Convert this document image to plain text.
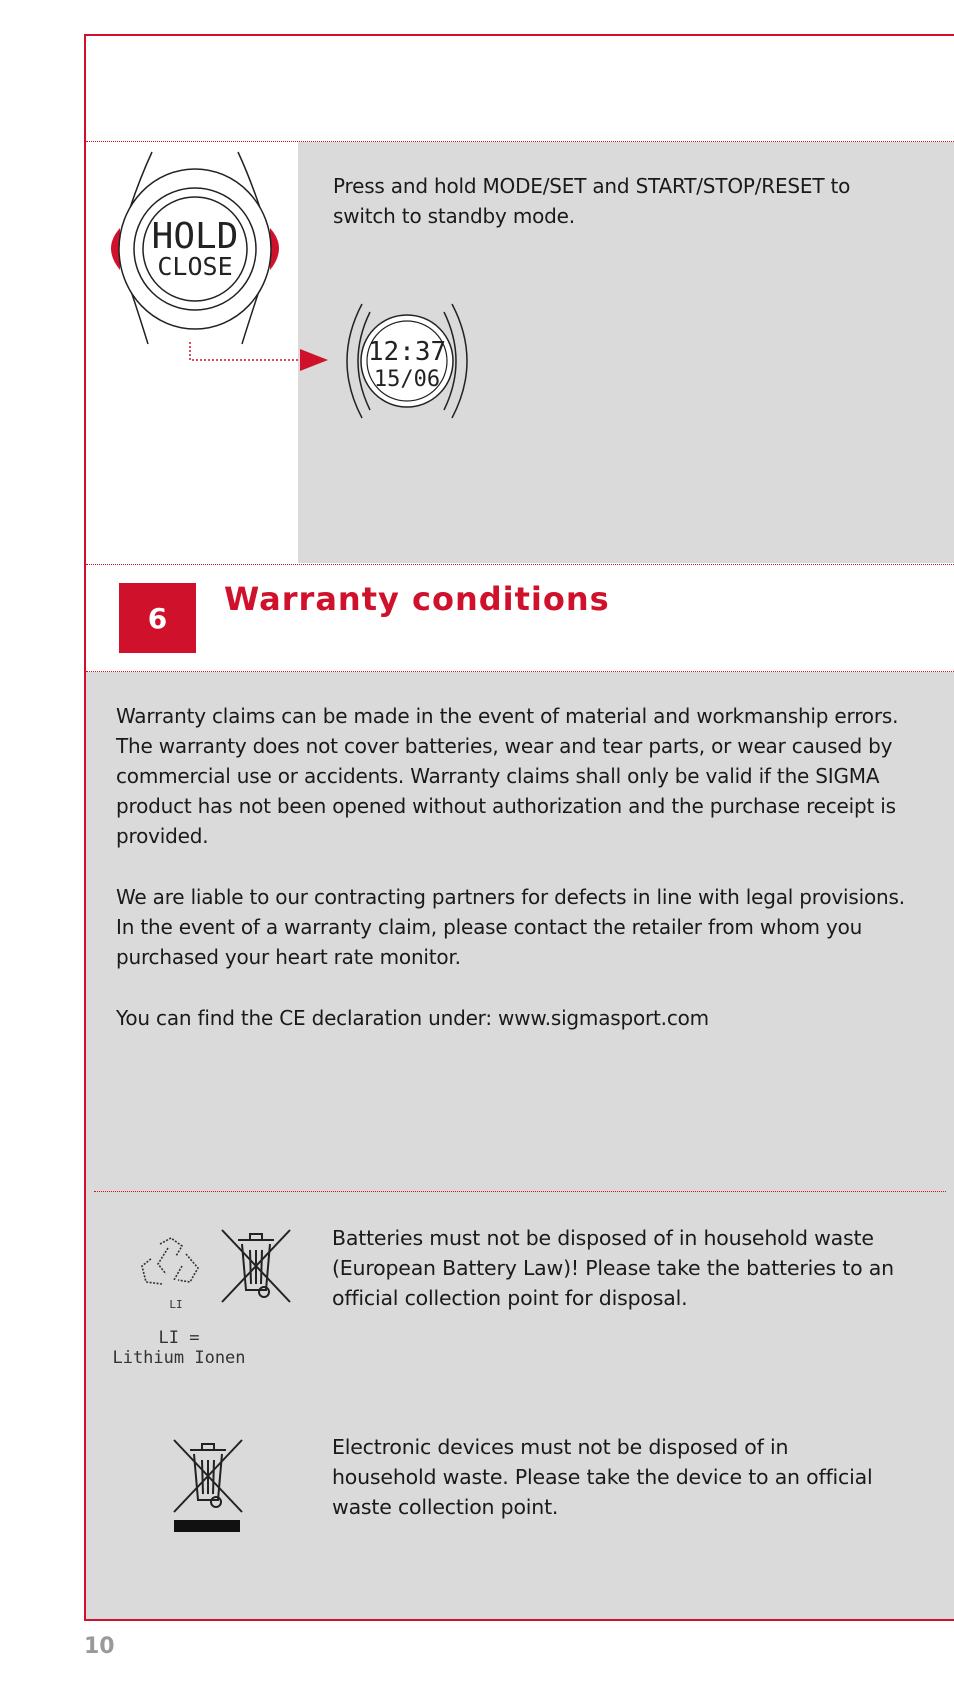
HOLD
CLOSE
12:37
15/06
Press and hold MODE/SET and START/STOP/RESET to switch to standby mode.
6	Warranty conditions
Warranty claims can be made in the event of material and workmanship errors. The warranty does not cover batteries, wear and tear parts, or wear caused by commercial use or accidents. Warranty claims shall only be valid if the SIGMA product has not been opened without authorization and the purchase receipt is provided.
We are liable to our contracting partners for defects in line with legal provisions. In the event of a warranty claim, please contact the retailer from whom you purchased your heart rate monitor.
You can find the CE declaration under: www.sigmasport.com
LI
LI =
Lithium Ionen
Batteries must not be disposed of in household waste (European Battery Law)! Please take the batteries to an official collection point for disposal.
Electronic devices must not be disposed of in household waste. Please take the device to an official waste collection point.
10
